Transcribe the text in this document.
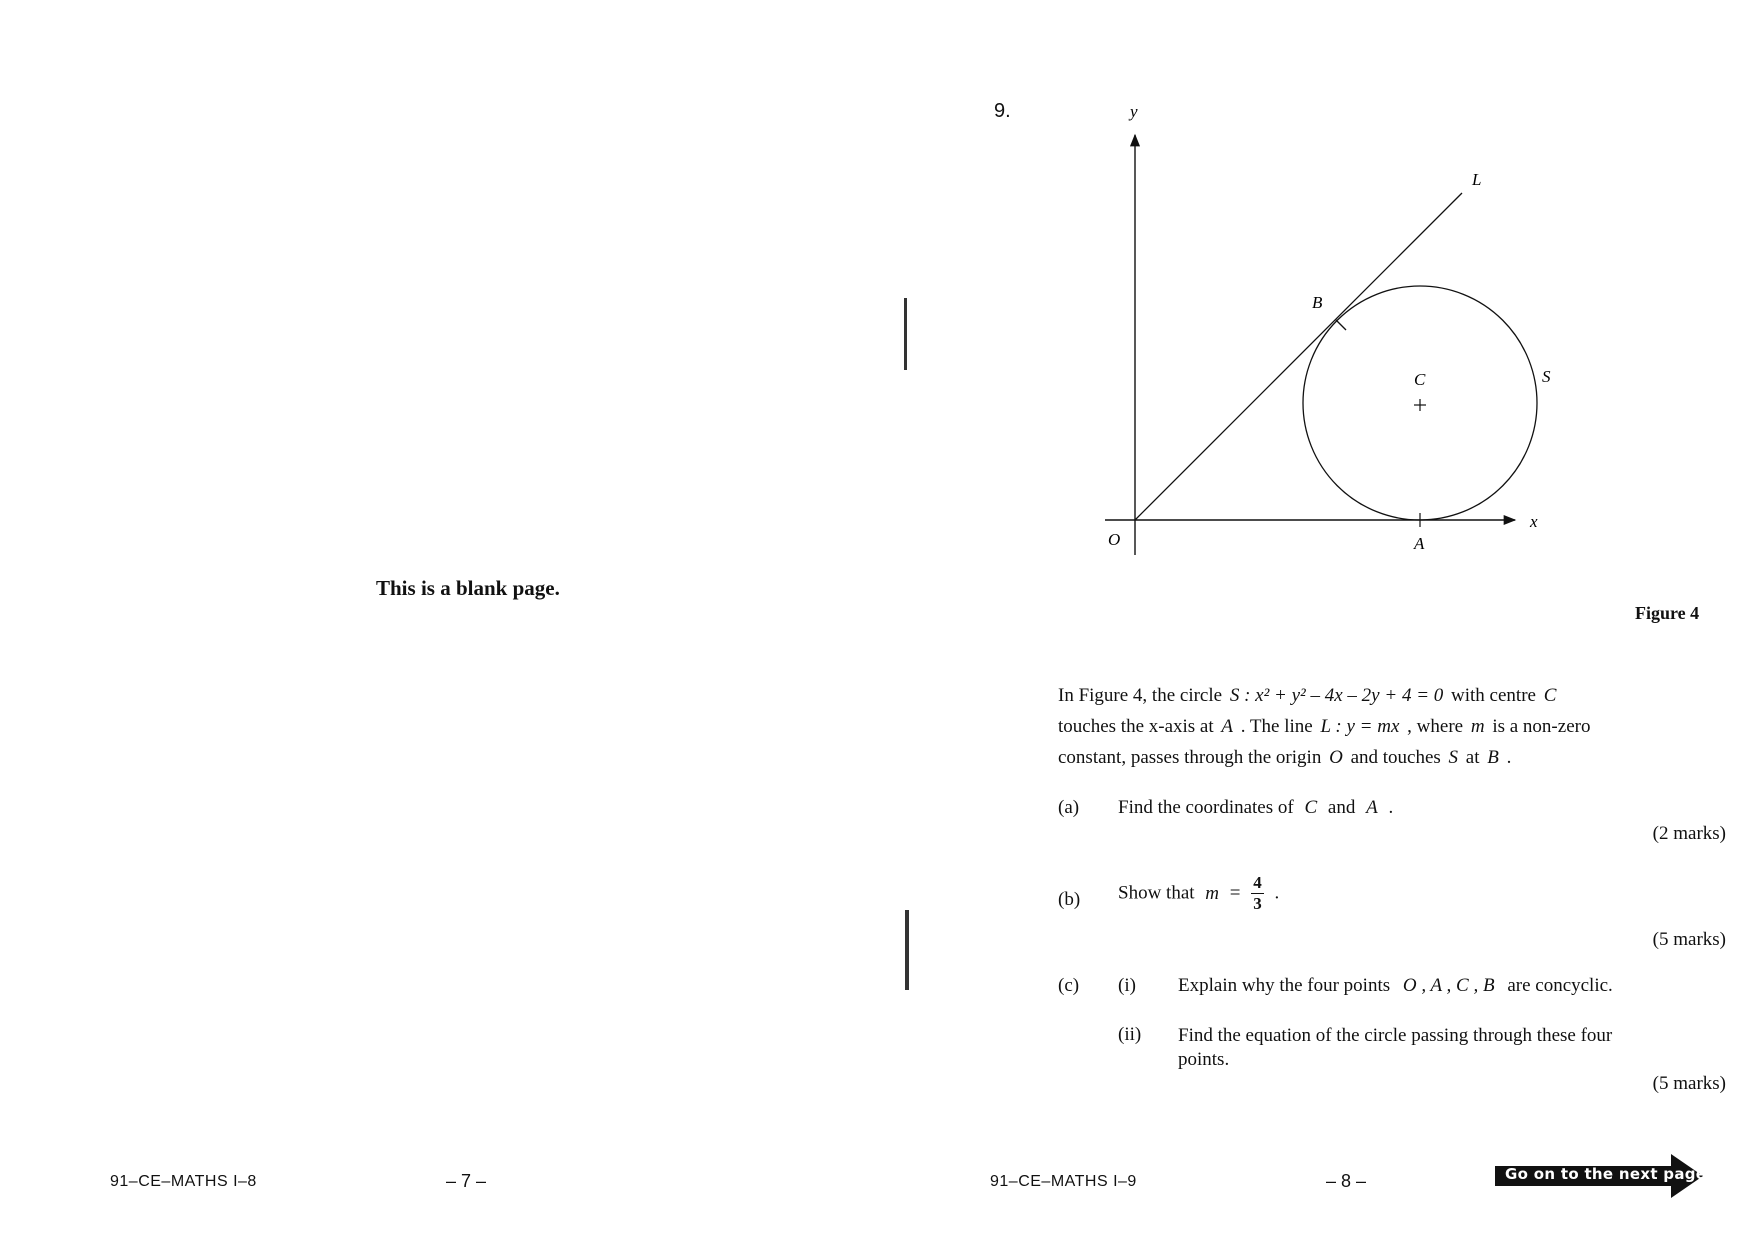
This is a blank page.
91–CE–MATHS I–8	– 7 –
9.	y
x
O
L
B
C	S
A
Figure 4
In Figure 4, the circle S : x² + y² – 4x – 2y + 4 = 0 with centre C
touches the x-axis at A . The line L : y = mx , where m is a non-zero
constant, passes through the origin O and touches S at B .
(a) Find the coordinates of C and A .
(2 marks)
(b) Show that $m = \frac{4}{3}$ .
(5 marks)
(c) (i) Explain why the four points O , A , C , B are concyclic.
(ii) Find the equation of the circle passing through these four
points.
(5 marks)
91–CE–MATHS I–9	– 8 –	Go on to the next page
